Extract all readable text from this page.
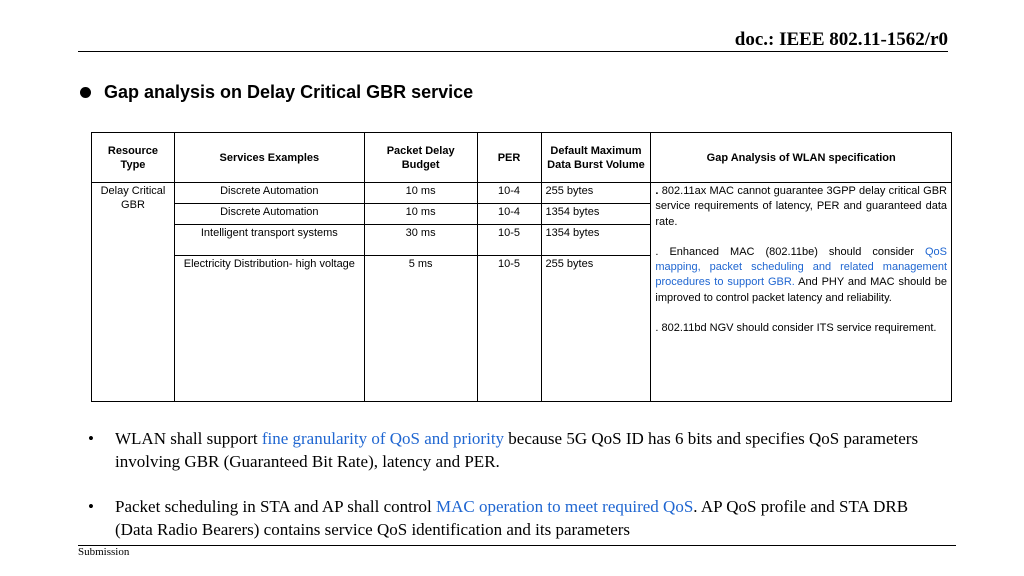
doc.: IEEE 802.11-1562/r0
Gap analysis on Delay Critical GBR service
Resource Type	Services Examples	Packet Delay Budget	PER	Default Maximum Data Burst Volume	Gap Analysis of WLAN specification
Delay Critical GBR	Discrete Automation	10 ms	10-4	255 bytes	. 802.11ax MAC cannot guarantee 3GPP delay critical GBR service requirements of latency, PER and guaranteed data rate.
. Enhanced MAC (802.11be) should consider QoS mapping, packet scheduling and related management procedures to support GBR. And PHY and MAC should be improved to control packet latency and reliability.
. 802.11bd NGV should consider ITS service requirement.

	Discrete Automation	10 ms	10-4	1354 bytes	
	Intelligent transport systems	30 ms	10-5	1354 bytes	
	Electricity Distribution- high voltage	5 ms	10-5	255 bytes	
•	WLAN shall support fine granularity of QoS and priority because 5G QoS ID has 6 bits and specifies QoS parameters involving GBR (Guaranteed Bit Rate), latency and PER.
•	Packet scheduling in STA and AP shall control MAC operation to meet required QoS. AP QoS profile and STA DRB (Data Radio Bearers) contains service QoS identification and its parameters
Submission
